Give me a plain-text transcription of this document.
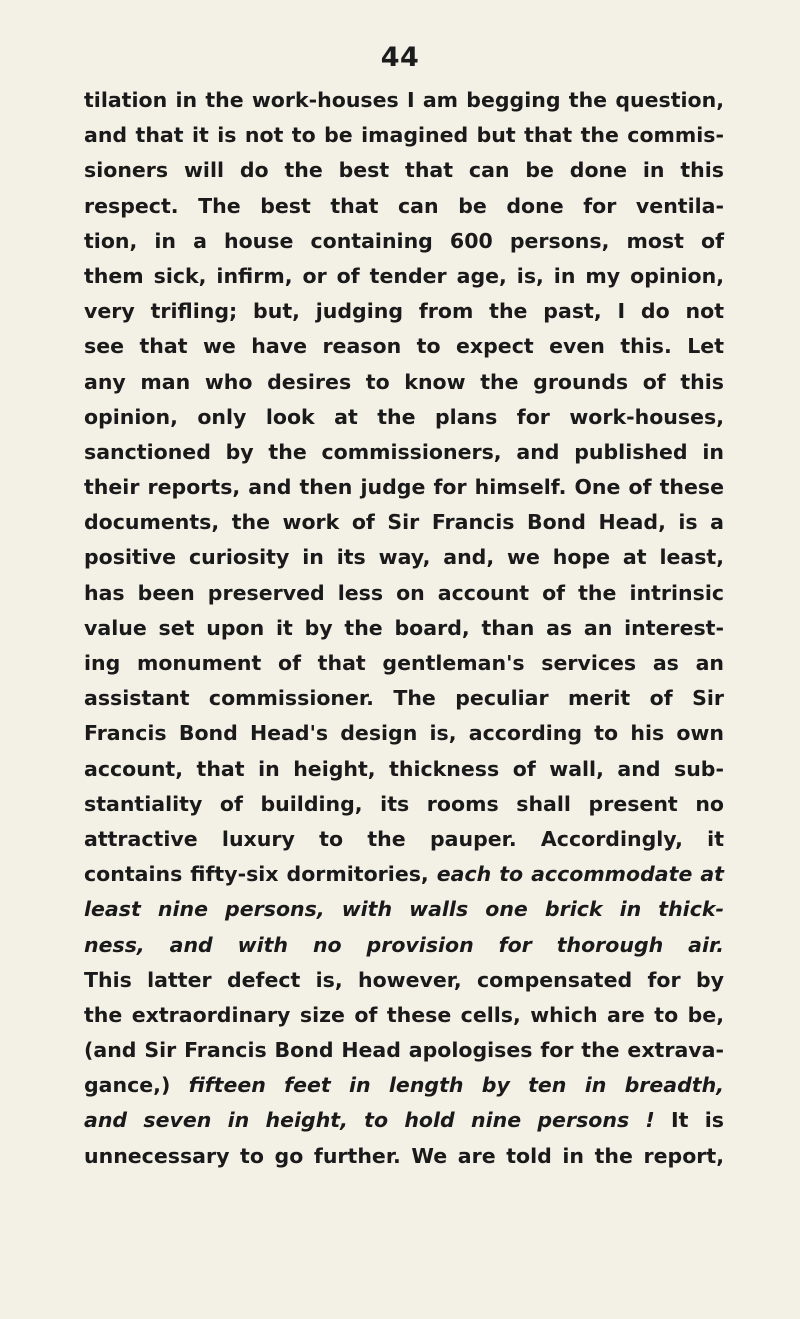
44
tilation in the work-houses I am begging the question,
and that it is not to be imagined but that the commis-
sioners will do the best that can be done in this
respect. The best that can be done for ventila-
tion, in a house containing 600 persons, most of
them sick, infirm, or of tender age, is, in my opinion,
very trifling; but, judging from the past, I do not
see that we have reason to expect even this. Let
any man who desires to know the grounds of this
opinion, only look at the plans for work-houses,
sanctioned by the commissioners, and published in
their reports, and then judge for himself. One of these
documents, the work of Sir Francis Bond Head, is a
positive curiosity in its way, and, we hope at least,
has been preserved less on account of the intrinsic
value set upon it by the board, than as an interest-
ing monument of that gentleman's services as an
assistant commissioner. The peculiar merit of Sir
Francis Bond Head's design is, according to his own
account, that in height, thickness of wall, and sub-
stantiality of building, its rooms shall present no
attractive luxury to the pauper. Accordingly, it
contains fifty-six dormitories, each to accommodate at
least nine persons, with walls one brick in thick-
ness, and with no provision for thorough air.
This latter defect is, however, compensated for by
the extraordinary size of these cells, which are to be,
(and Sir Francis Bond Head apologises for the extrava-
gance,) fifteen feet in length by ten in breadth,
and seven in height, to hold nine persons ! It is
unnecessary to go further. We are told in the report,
